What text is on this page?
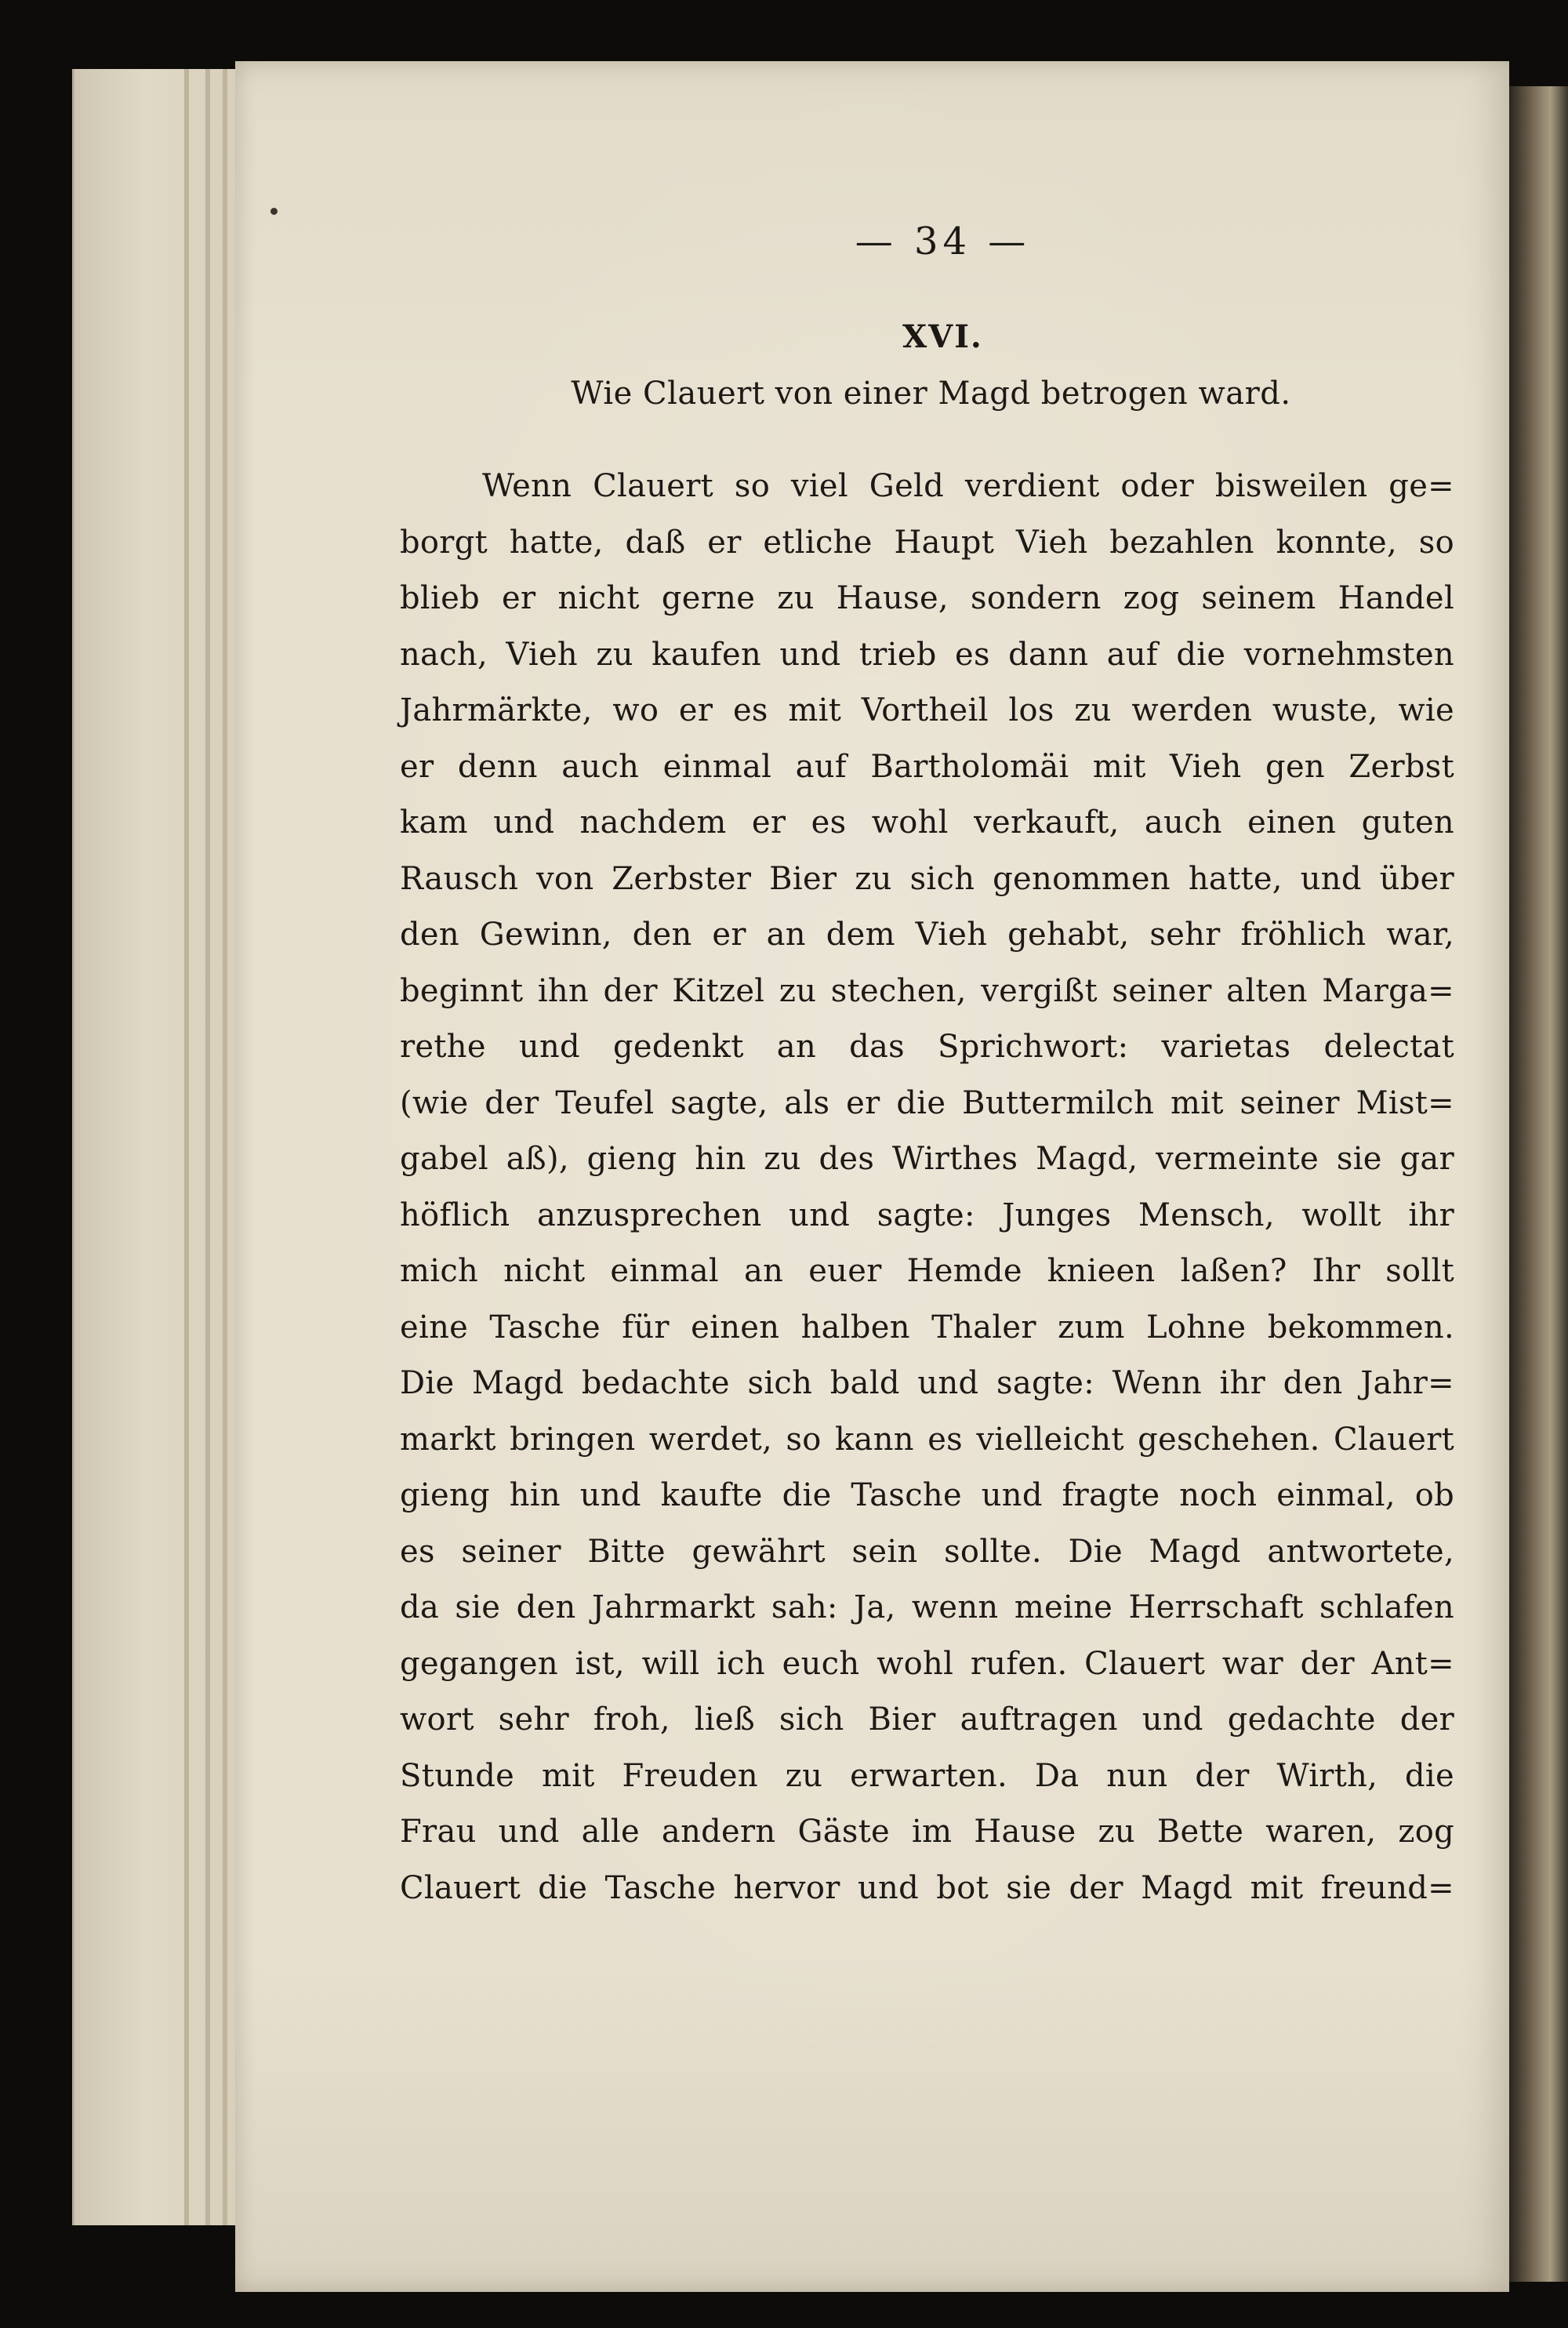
— 34 —
XVI.
Wie Clauert von einer Magd betrogen ward.
Wenn Clauert so viel Geld verdient oder bisweilen ge=
borgt hatte, daß er etliche Haupt Vieh bezahlen konnte, so
blieb er nicht gerne zu Hause, sondern zog seinem Handel
nach, Vieh zu kaufen und trieb es dann auf die vornehmsten
Jahrmärkte, wo er es mit Vortheil los zu werden wuste, wie
er denn auch einmal auf Bartholomäi mit Vieh gen Zerbst
kam und nachdem er es wohl verkauft, auch einen guten
Rausch von Zerbster Bier zu sich genommen hatte, und über
den Gewinn, den er an dem Vieh gehabt, sehr fröhlich war,
beginnt ihn der Kitzel zu stechen, vergißt seiner alten Marga=
rethe und gedenkt an das Sprichwort: varietas delectat
(wie der Teufel sagte, als er die Buttermilch mit seiner Mist=
gabel aß), gieng hin zu des Wirthes Magd, vermeinte sie gar
höflich anzusprechen und sagte: Junges Mensch, wollt ihr
mich nicht einmal an euer Hemde knieen laßen? Ihr sollt
eine Tasche für einen halben Thaler zum Lohne bekommen.
Die Magd bedachte sich bald und sagte: Wenn ihr den Jahr=
markt bringen werdet, so kann es vielleicht geschehen. Clauert
gieng hin und kaufte die Tasche und fragte noch einmal, ob
es seiner Bitte gewährt sein sollte. Die Magd antwortete,
da sie den Jahrmarkt sah: Ja, wenn meine Herrschaft schlafen
gegangen ist, will ich euch wohl rufen. Clauert war der Ant=
wort sehr froh, ließ sich Bier auftragen und gedachte der
Stunde mit Freuden zu erwarten. Da nun der Wirth, die
Frau und alle andern Gäste im Hause zu Bette waren, zog
Clauert die Tasche hervor und bot sie der Magd mit freund=
